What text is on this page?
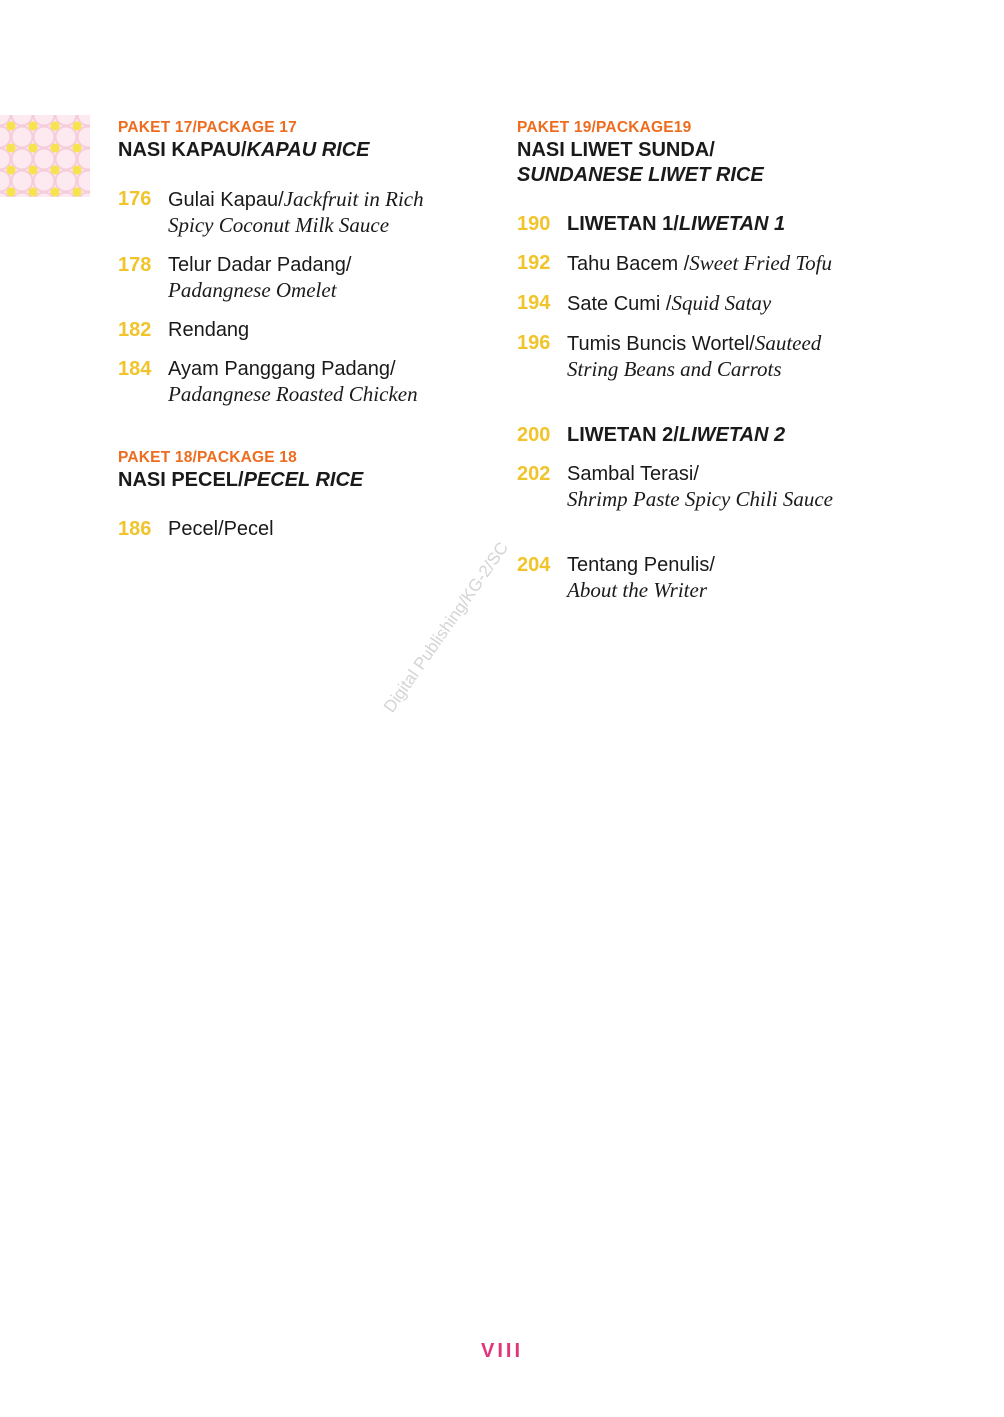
PAKET 17/PACKAGE 17
NASI KAPAU/KAPAU RICE
176 Gulai Kapau/Jackfruit in Rich
Spicy Coconut Milk Sauce
178 Telur Dadar Padang/
Padangnese Omelet
182 Rendang
184 Ayam Panggang Padang/
Padangnese Roasted Chicken
PAKET 18/PACKAGE 18
NASI PECEL/PECEL RICE
186 Pecel/Pecel
PAKET 19/PACKAGE19
NASI LIWET SUNDA/
SUNDANESE LIWET RICE
190 LIWETAN 1/LIWETAN 1
192 Tahu Bacem /Sweet Fried Tofu
194 Sate Cumi /Squid Satay
196 Tumis Buncis Wortel/Sauteed
String Beans and Carrots
200 LIWETAN 2/LIWETAN 2
202 Sambal Terasi/
Shrimp Paste Spicy Chili Sauce
204 Tentang Penulis/
About the Writer
Digital Publishing/KG-2/SC
VIII
